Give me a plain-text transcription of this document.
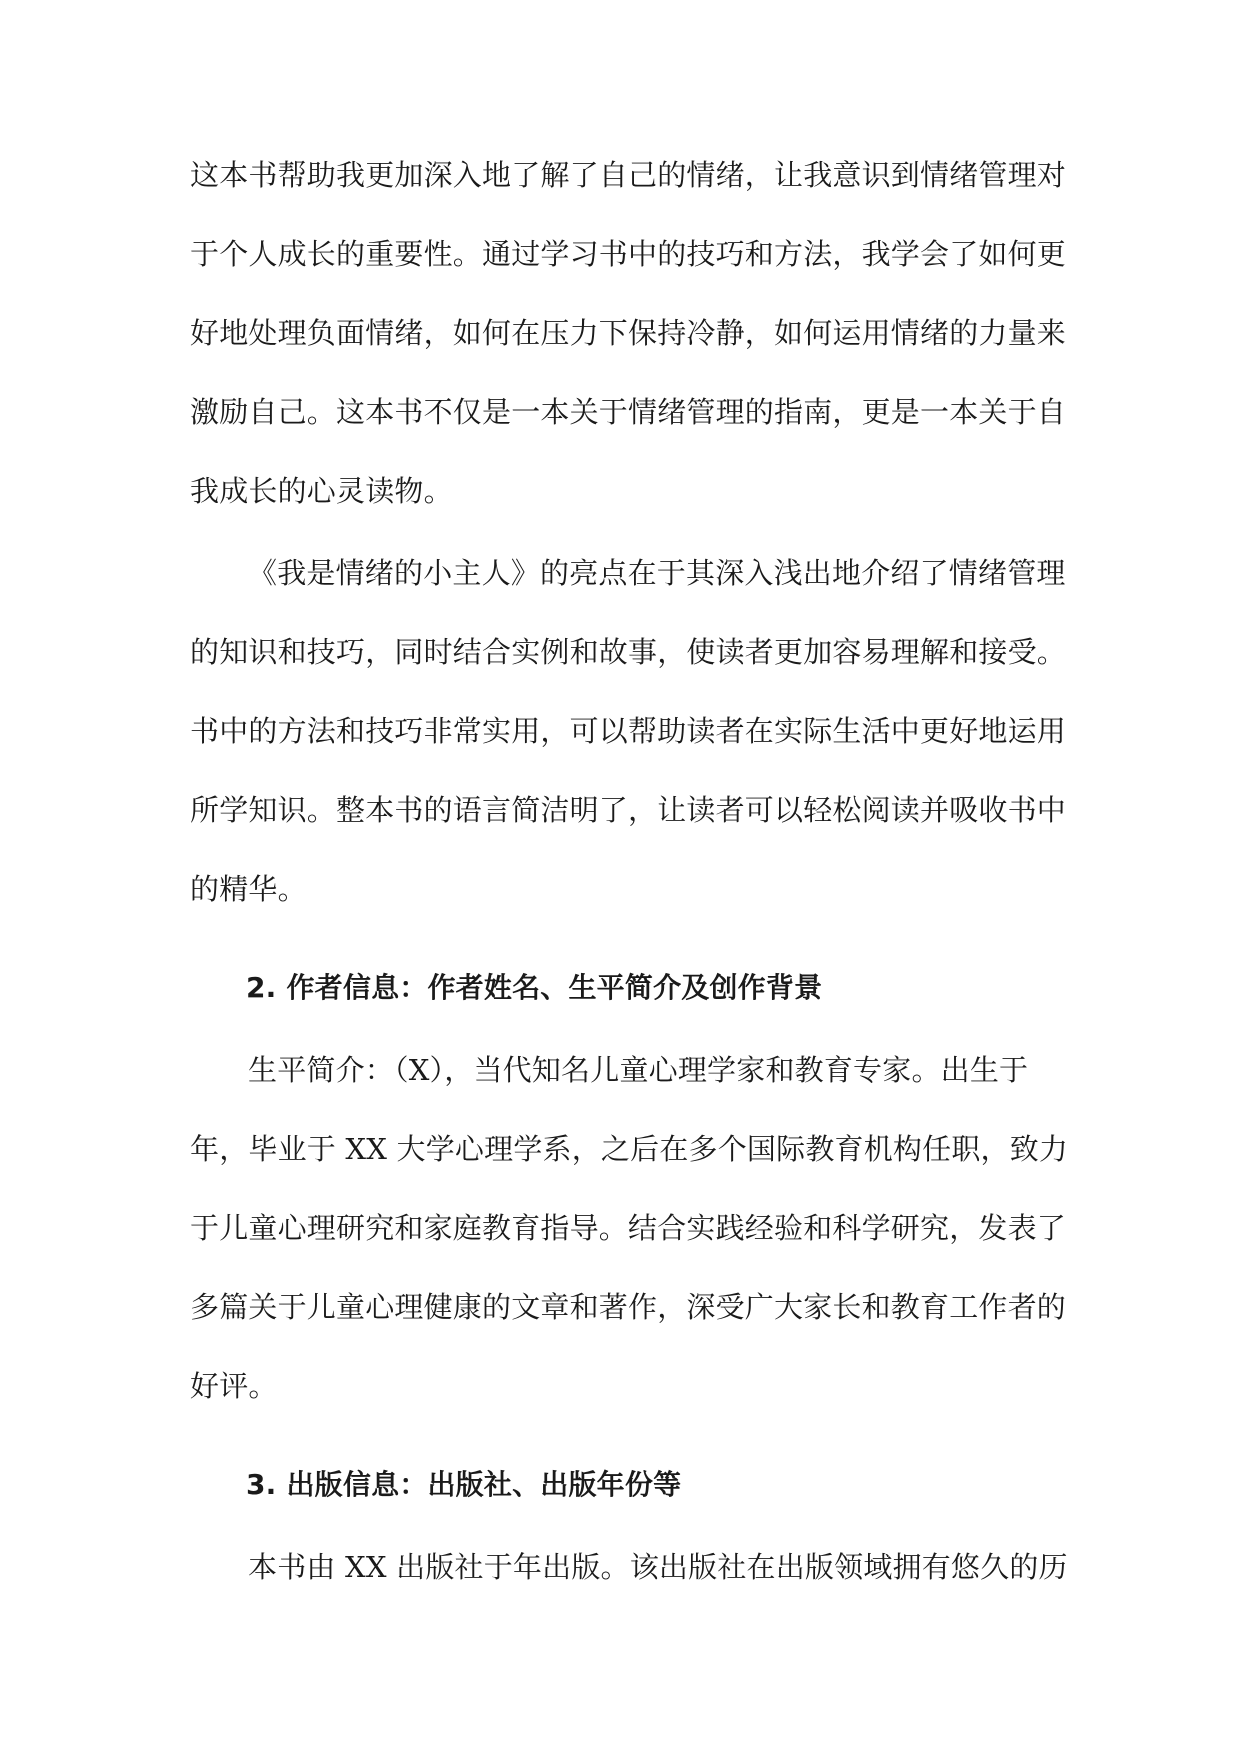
这本书帮助我更加深入地了解了自己的情绪，让我意识到情绪管理对
于个人成长的重要性。通过学习书中的技巧和方法，我学会了如何更
好地处理负面情绪，如何在压力下保持冷静，如何运用情绪的力量来
激励自己。这本书不仅是一本关于情绪管理的指南，更是一本关于自
我成长的心灵读物。
《我是情绪的小主人》的亮点在于其深入浅出地介绍了情绪管理
的知识和技巧，同时结合实例和故事，使读者更加容易理解和接受。
书中的方法和技巧非常实用，可以帮助读者在实际生活中更好地运用
所学知识。整本书的语言简洁明了，让读者可以轻松阅读并吸收书中
的精华。
2. 作者信息：作者姓名、生平简介及创作背景
生平简介：（X），当代知名儿童心理学家和教育专家。出生于
年，毕业于 XX 大学心理学系，之后在多个国际教育机构任职，致力
于儿童心理研究和家庭教育指导。结合实践经验和科学研究，发表了
多篇关于儿童心理健康的文章和著作，深受广大家长和教育工作者的
好评。
3. 出版信息：出版社、出版年份等
本书由 XX 出版社于年出版。该出版社在出版领域拥有悠久的历
